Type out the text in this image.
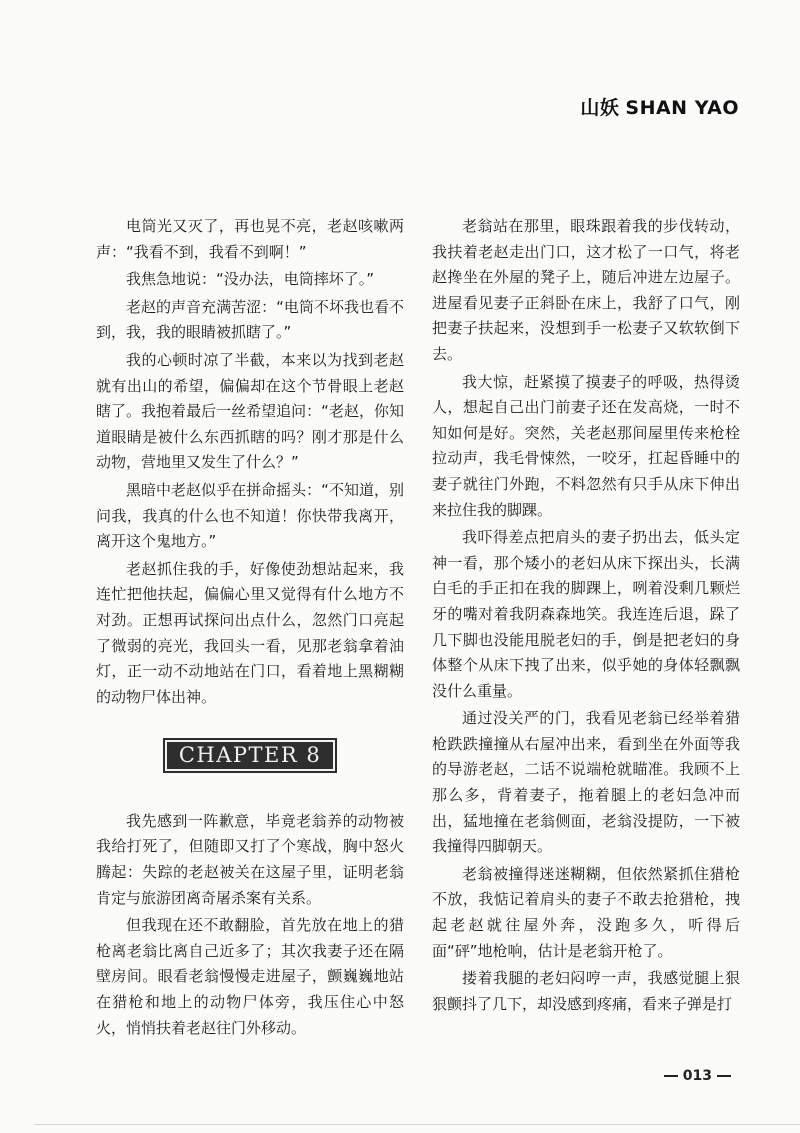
山妖 SHAN YAO

电筒光又灭了，再也晃不亮，老赵咳嗽两声：“我看不到，我看不到啊！”

我焦急地说：“没办法，电筒摔坏了。”

老赵的声音充满苦涩：“电筒不坏我也看不到，我，我的眼睛被抓瞎了。”

我的心顿时凉了半截，本来以为找到老赵就有出山的希望，偏偏却在这个节骨眼上老赵瞎了。我抱着最后一丝希望追问：“老赵，你知道眼睛是被什么东西抓瞎的吗？刚才那是什么动物，营地里又发生了什么？”

黑暗中老赵似乎在拼命摇头：“不知道，别问我，我真的什么也不知道！你快带我离开，离开这个鬼地方。”

老赵抓住我的手，好像使劲想站起来，我连忙把他扶起，偏偏心里又觉得有什么地方不对劲。正想再试探问出点什么，忽然门口亮起了微弱的亮光，我回头一看，见那老翁拿着油灯，正一动不动地站在门口，看着地上黑糊糊的动物尸体出神。

CHAPTER 8

我先感到一阵歉意，毕竟老翁养的动物被我给打死了，但随即又打了个寒战，胸中怒火腾起：失踪的老赵被关在这屋子里，证明老翁肯定与旅游团离奇屠杀案有关系。

但我现在还不敢翻脸，首先放在地上的猎枪离老翁比离自己近多了；其次我妻子还在隔壁房间。眼看老翁慢慢走进屋子，颤巍巍地站在猎枪和地上的动物尸体旁，我压住心中怒火，悄悄扶着老赵往门外移动。

老翁站在那里，眼珠跟着我的步伐转动，我扶着老赵走出门口，这才松了一口气，将老赵搀坐在外屋的凳子上，随后冲进左边屋子。进屋看见妻子正斜卧在床上，我舒了口气，刚把妻子扶起来，没想到手一松妻子又软软倒下去。

我大惊，赶紧摸了摸妻子的呼吸，热得烫人，想起自己出门前妻子还在发高烧，一时不知如何是好。突然，关老赵那间屋里传来枪栓拉动声，我毛骨悚然，一咬牙，扛起昏睡中的妻子就往门外跑，不料忽然有只手从床下伸出来拉住我的脚踝。

我吓得差点把肩头的妻子扔出去，低头定神一看，那个矮小的老妇从床下探出头，长满白毛的手正扣在我的脚踝上，咧着没剩几颗烂牙的嘴对着我阴森森地笑。我连连后退，跺了几下脚也没能甩脱老妇的手，倒是把老妇的身体整个从床下拽了出来，似乎她的身体轻飘飘没什么重量。

通过没关严的门，我看见老翁已经举着猎枪跌跌撞撞从右屋冲出来，看到坐在外面等我的导游老赵，二话不说端枪就瞄准。我顾不上那么多，背着妻子，拖着腿上的老妇急冲而出，猛地撞在老翁侧面，老翁没提防，一下被我撞得四脚朝天。

老翁被撞得迷迷糊糊，但依然紧抓住猎枪不放，我惦记着肩头的妻子不敢去抢猎枪，拽起老赵就往屋外奔，没跑多久，听得后面“砰”地枪响，估计是老翁开枪了。

搂着我腿的老妇闷哼一声，我感觉腿上狠狠颤抖了几下，却没感到疼痛，看来子弹是打

013
